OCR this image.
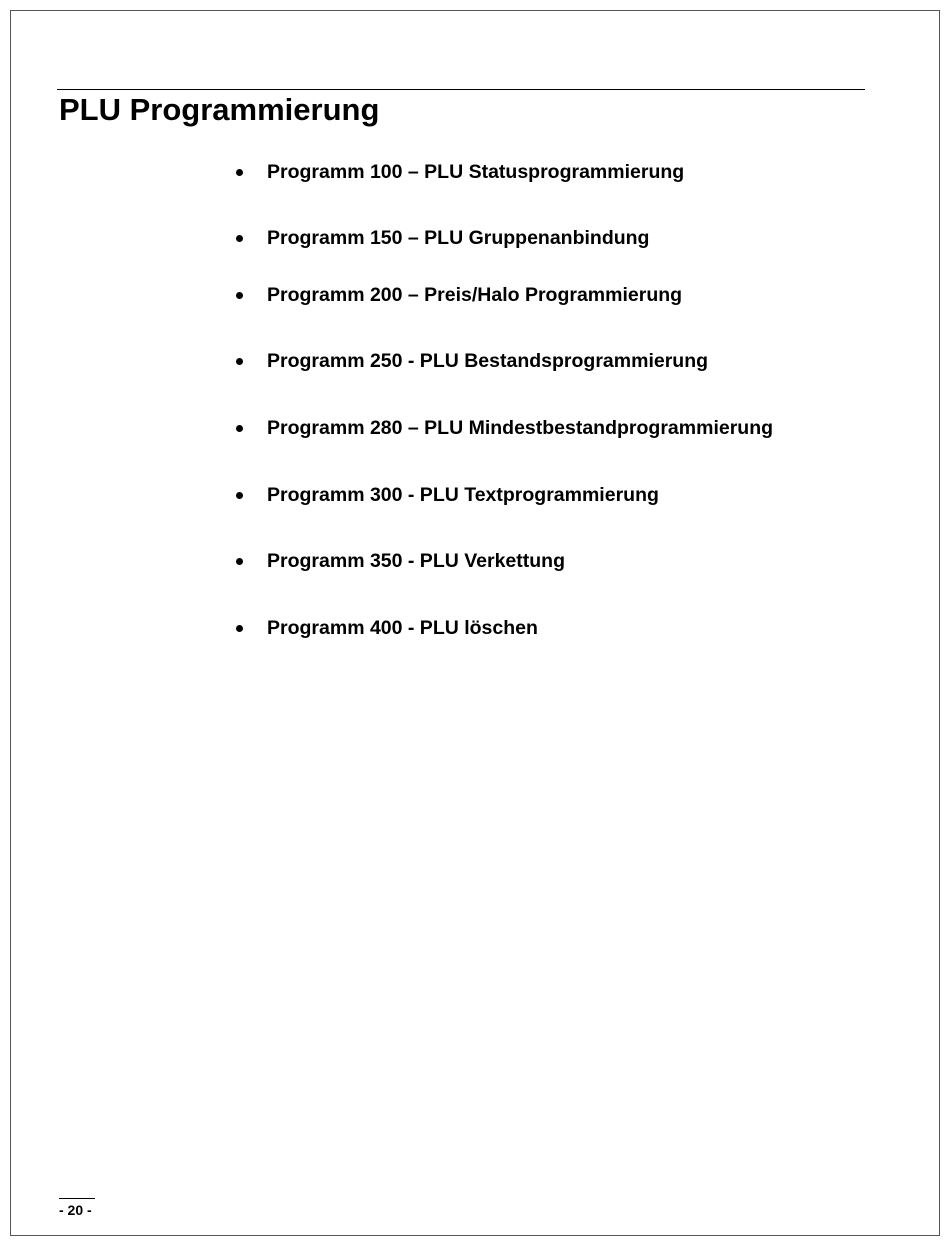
PLU Programmierung
Programm 100 – PLU Statusprogrammierung
Programm 150 – PLU Gruppenanbindung
Programm 200 – Preis/Halo Programmierung
Programm 250 - PLU Bestandsprogrammierung
Programm 280 – PLU Mindestbestandprogrammierung
Programm 300 - PLU Textprogrammierung
Programm 350 - PLU Verkettung
Programm 400 - PLU löschen
- 20 -
